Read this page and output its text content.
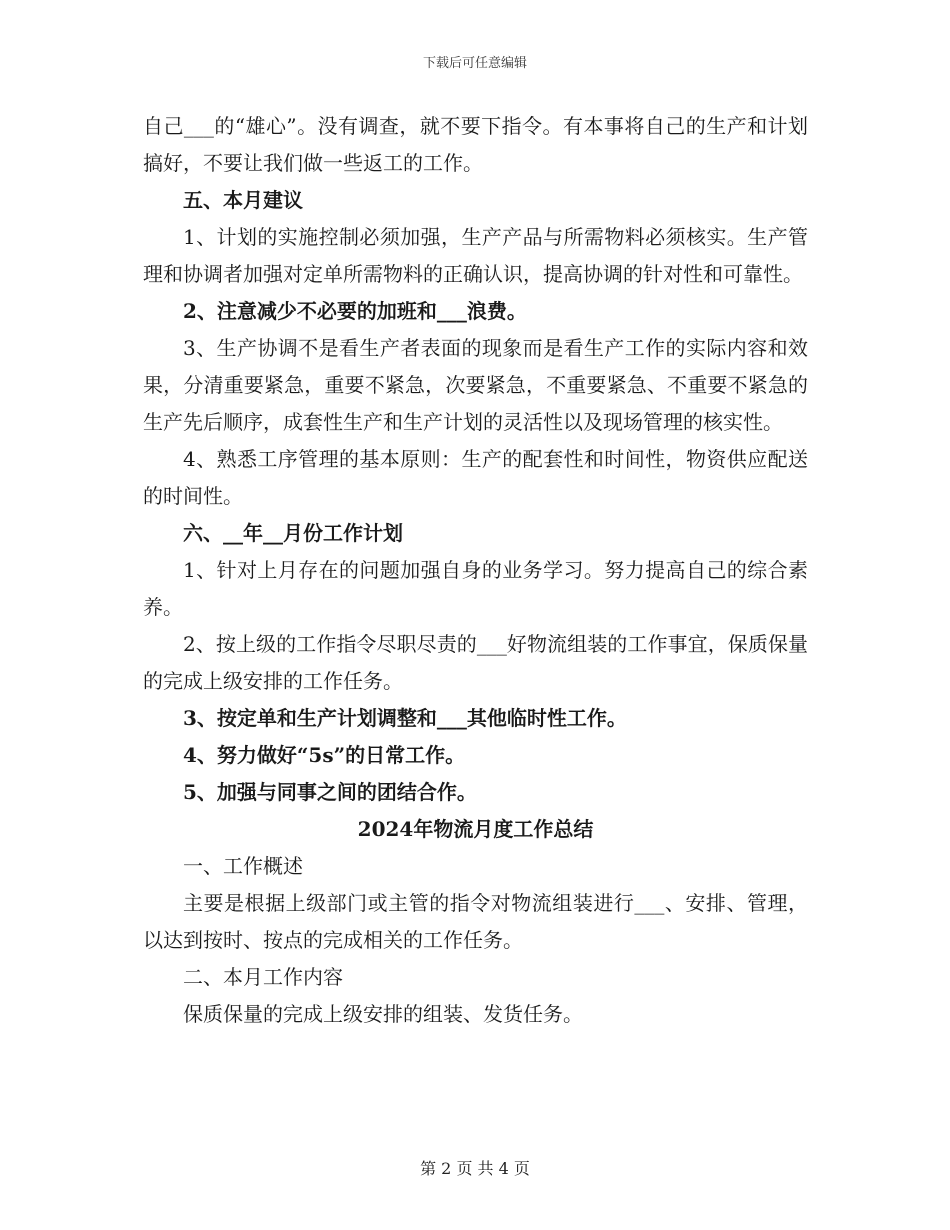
下载后可任意编辑

自己___的“雄心”。没有调查，就不要下指令。有本事将自己的生产和计划搞好，不要让我们做一些返工的工作。

五、本月建议

1、计划的实施控制必须加强，生产产品与所需物料必须核实。生产管理和协调者加强对定单所需物料的正确认识，提高协调的针对性和可靠性。

2、注意减少不必要的加班和___浪费。

3、生产协调不是看生产者表面的现象而是看生产工作的实际内容和效果，分清重要紧急，重要不紧急，次要紧急，不重要紧急、不重要不紧急的生产先后顺序，成套性生产和生产计划的灵活性以及现场管理的核实性。

4、熟悉工序管理的基本原则：生产的配套性和时间性，物资供应配送的时间性。

六、__年__月份工作计划

1、针对上月存在的问题加强自身的业务学习。努力提高自己的综合素养。

2、按上级的工作指令尽职尽责的___好物流组装的工作事宜，保质保量的完成上级安排的工作任务。

3、按定单和生产计划调整和___其他临时性工作。

4、努力做好“5s”的日常工作。

5、加强与同事之间的团结合作。

2024年物流月度工作总结

一、工作概述

主要是根据上级部门或主管的指令对物流组装进行___、安排、管理，以达到按时、按点的完成相关的工作任务。

二、本月工作内容

保质保量的完成上级安排的组装、发货任务。

第 2 页 共 4 页
